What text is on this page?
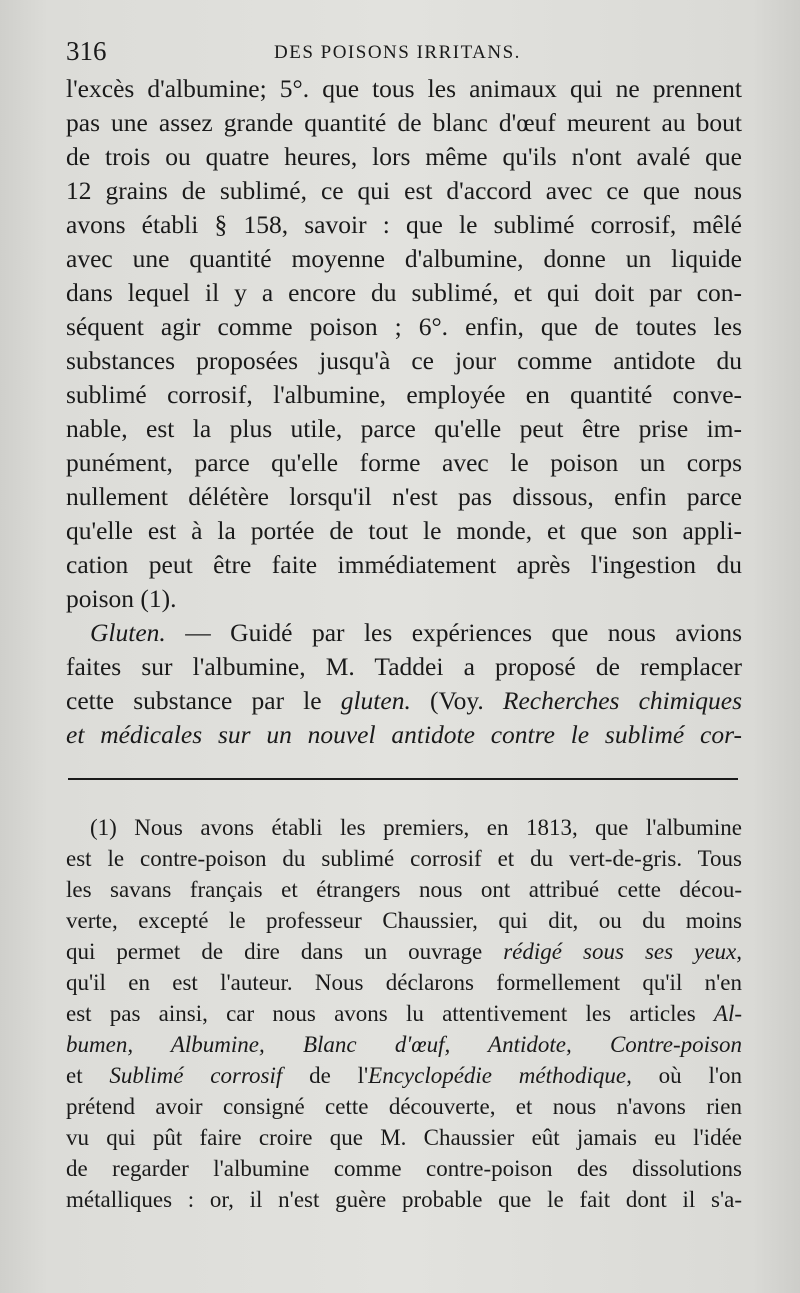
316	DES POISONS IRRITANS.
l'excès d'albumine; 5°. que tous les animaux qui ne prennent
pas une assez grande quantité de blanc d'œuf meurent au bout
de trois ou quatre heures, lors même qu'ils n'ont avalé que
12 grains de sublimé, ce qui est d'accord avec ce que nous
avons établi § 158, savoir : que le sublimé corrosif, mêlé
avec une quantité moyenne d'albumine, donne un liquide
dans lequel il y a encore du sublimé, et qui doit par con-
séquent agir comme poison ; 6°. enfin, que de toutes les
substances proposées jusqu'à ce jour comme antidote du
sublimé corrosif, l'albumine, employée en quantité conve-
nable, est la plus utile, parce qu'elle peut être prise im-
punément, parce qu'elle forme avec le poison un corps
nullement délétère lorsqu'il n'est pas dissous, enfin parce
qu'elle est à la portée de tout le monde, et que son appli-
cation peut être faite immédiatement après l'ingestion du
poison (1).
Gluten. — Guidé par les expériences que nous avions
faites sur l'albumine, M. Taddei a proposé de remplacer
cette substance par le gluten. (Voy. Recherches chimiques
et médicales sur un nouvel antidote contre le sublimé cor-
(1) Nous avons établi les premiers, en 1813, que l'albumine
est le contre-poison du sublimé corrosif et du vert-de-gris. Tous
les savans français et étrangers nous ont attribué cette décou-
verte, excepté le professeur Chaussier, qui dit, ou du moins
qui permet de dire dans un ouvrage rédigé sous ses yeux,
qu'il en est l'auteur. Nous déclarons formellement qu'il n'en
est pas ainsi, car nous avons lu attentivement les articles Al-
bumen, Albumine, Blanc d'œuf, Antidote, Contre-poison
et Sublimé corrosif de l'Encyclopédie méthodique, où l'on
prétend avoir consigné cette découverte, et nous n'avons rien
vu qui pût faire croire que M. Chaussier eût jamais eu l'idée
de regarder l'albumine comme contre-poison des dissolutions
métalliques : or, il n'est guère probable que le fait dont il s'a-
